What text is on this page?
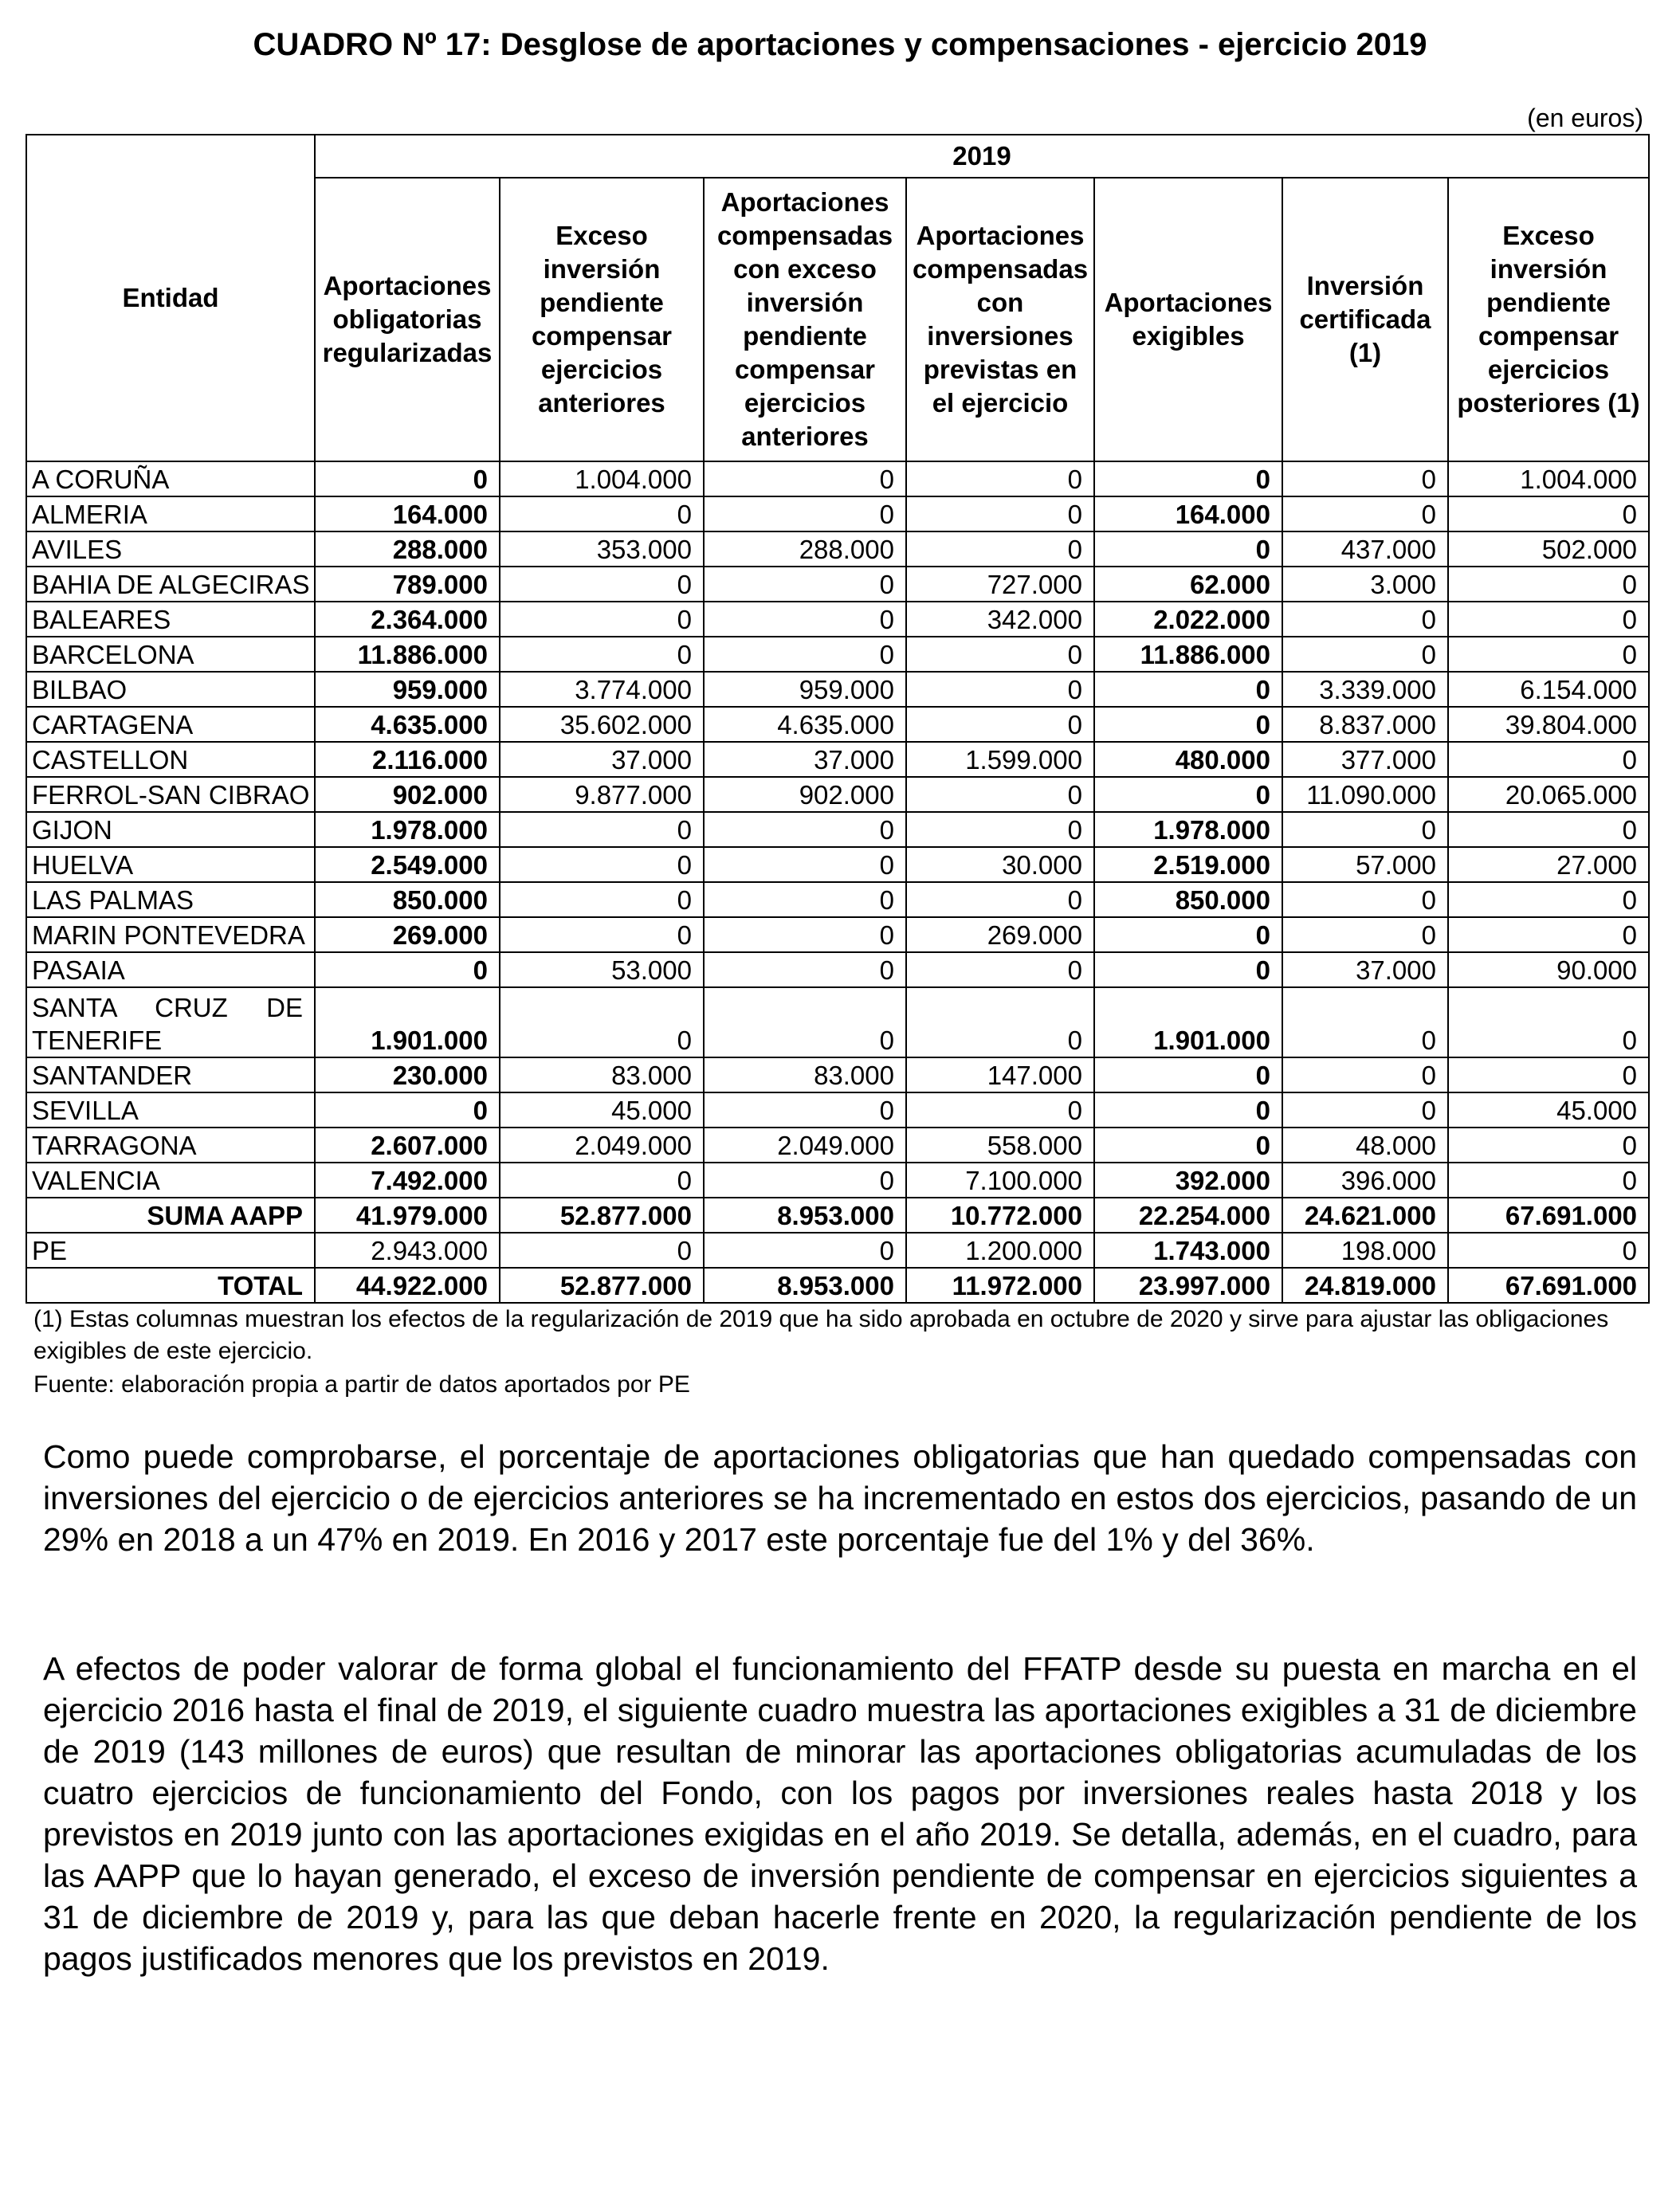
CUADRO Nº 17: Desglose de aportaciones y compensaciones - ejercicio 2019
(en euros)
Entidad	2019						
	Aportaciones obligatorias regularizadas	Exceso inversión pendiente compensar ejercicios anteriores	Aportaciones compensadas con exceso inversión pendiente compensar ejercicios anteriores	Aportaciones compensadas con inversiones previstas en el ejercicio	Aportaciones exigibles	Inversión certificada (1)	Exceso inversión pendiente compensar ejercicios posteriores (1)
A CORUÑA	0	1.004.000	0	0	0	0	1.004.000
ALMERIA	164.000	0	0	0	164.000	0	0
AVILES	288.000	353.000	288.000	0	0	437.000	502.000
BAHIA DE ALGECIRAS	789.000	0	0	727.000	62.000	3.000	0
BALEARES	2.364.000	0	0	342.000	2.022.000	0	0
BARCELONA	11.886.000	0	0	0	11.886.000	0	0
BILBAO	959.000	3.774.000	959.000	0	0	3.339.000	6.154.000
CARTAGENA	4.635.000	35.602.000	4.635.000	0	0	8.837.000	39.804.000
CASTELLON	2.116.000	37.000	37.000	1.599.000	480.000	377.000	0
FERROL-SAN CIBRAO	902.000	9.877.000	902.000	0	0	11.090.000	20.065.000
GIJON	1.978.000	0	0	0	1.978.000	0	0
HUELVA	2.549.000	0	0	30.000	2.519.000	57.000	27.000
LAS PALMAS	850.000	0	0	0	850.000	0	0
MARIN PONTEVEDRA	269.000	0	0	269.000	0	0	0
PASAIA	0	53.000	0	0	0	37.000	90.000
SANTA CRUZ DE
TENERIFE	1.901.000	0	0	0	1.901.000	0	0
SANTANDER	230.000	83.000	83.000	147.000	0	0	0
SEVILLA	0	45.000	0	0	0	0	45.000
TARRAGONA	2.607.000	2.049.000	2.049.000	558.000	0	48.000	0
VALENCIA	7.492.000	0	0	7.100.000	392.000	396.000	0
SUMA AAPP	41.979.000	52.877.000	8.953.000	10.772.000	22.254.000	24.621.000	67.691.000
PE	2.943.000	0	0	1.200.000	1.743.000	198.000	0
TOTAL	44.922.000	52.877.000	8.953.000	11.972.000	23.997.000	24.819.000	67.691.000

(1) Estas columnas muestran los efectos de la regularización de 2019 que ha sido aprobada en octubre de 2020 y sirve para ajustar las obligaciones exigibles de este ejercicio.

Fuente: elaboración propia a partir de datos aportados por PE

Como puede comprobarse, el porcentaje de aportaciones obligatorias que han quedado compensadas con inversiones del ejercicio o de ejercicios anteriores se ha incrementado en estos dos ejercicios, pasando de un 29% en 2018 a un 47% en 2019. En 2016 y 2017 este porcentaje fue del 1% y del 36%.

A efectos de poder valorar de forma global el funcionamiento del FFATP desde su puesta en marcha en el ejercicio 2016 hasta el final de 2019, el siguiente cuadro muestra las aportaciones exigibles a 31 de diciembre de 2019 (143 millones de euros) que resultan de minorar las aportaciones obligatorias acumuladas de los cuatro ejercicios de funcionamiento del Fondo, con los pagos por inversiones reales hasta 2018 y los previstos en 2019 junto con las aportaciones exigidas en el año 2019. Se detalla, además, en el cuadro, para las AAPP que lo hayan generado, el exceso de inversión pendiente de compensar en ejercicios siguientes a 31 de diciembre de 2019 y, para las que deban hacerle frente en 2020, la regularización pendiente de los pagos justificados menores que los previstos en 2019.
